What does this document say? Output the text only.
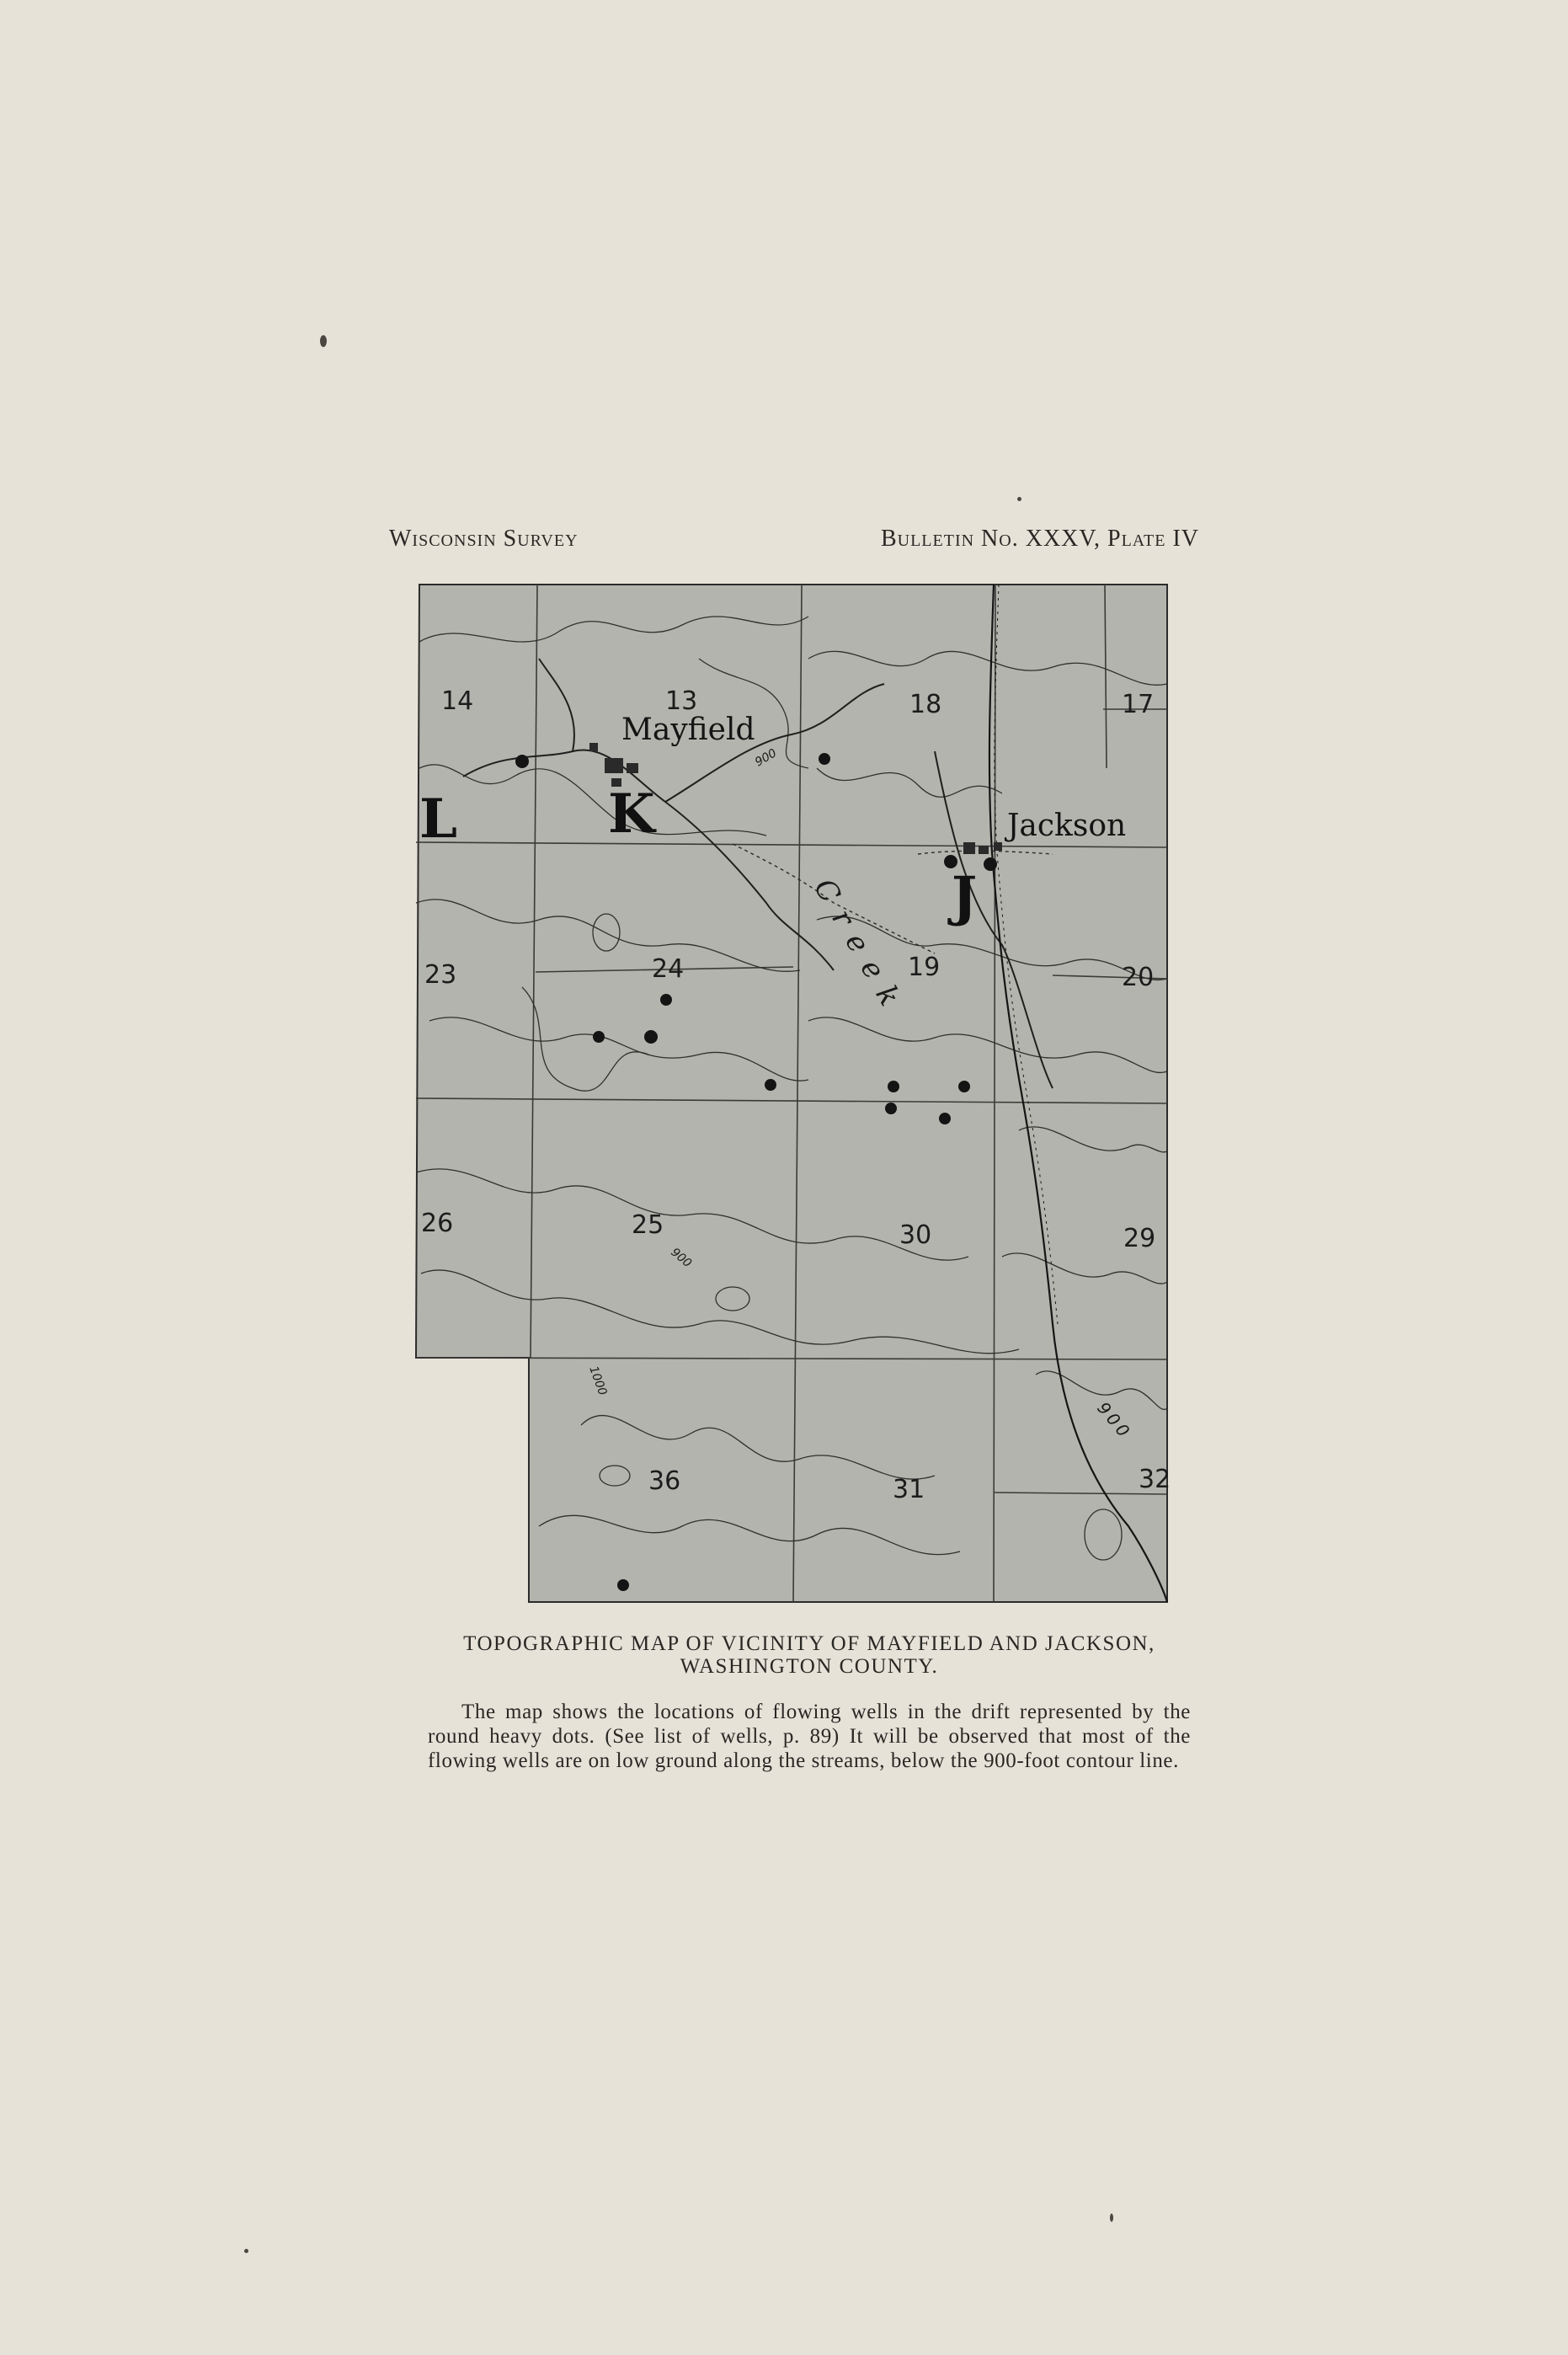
Wisconsin Survey	Bulletin No. XXXV, Plate IV
14	13	18	17
23	24	19	20
26	25	30	29
36	31	32
Mayfield
Jackson
L	K
J
Creek
900
900
1000
900
TOPOGRAPHIC MAP OF VICINITY OF MAYFIELD AND JACKSON, WASHINGTON COUNTY.
The map shows the locations of flowing wells in the drift represented by the round heavy dots. (See list of wells, p. 89) It will be observed that most of the flowing wells are on low ground along the streams, below the 900-foot contour line.
